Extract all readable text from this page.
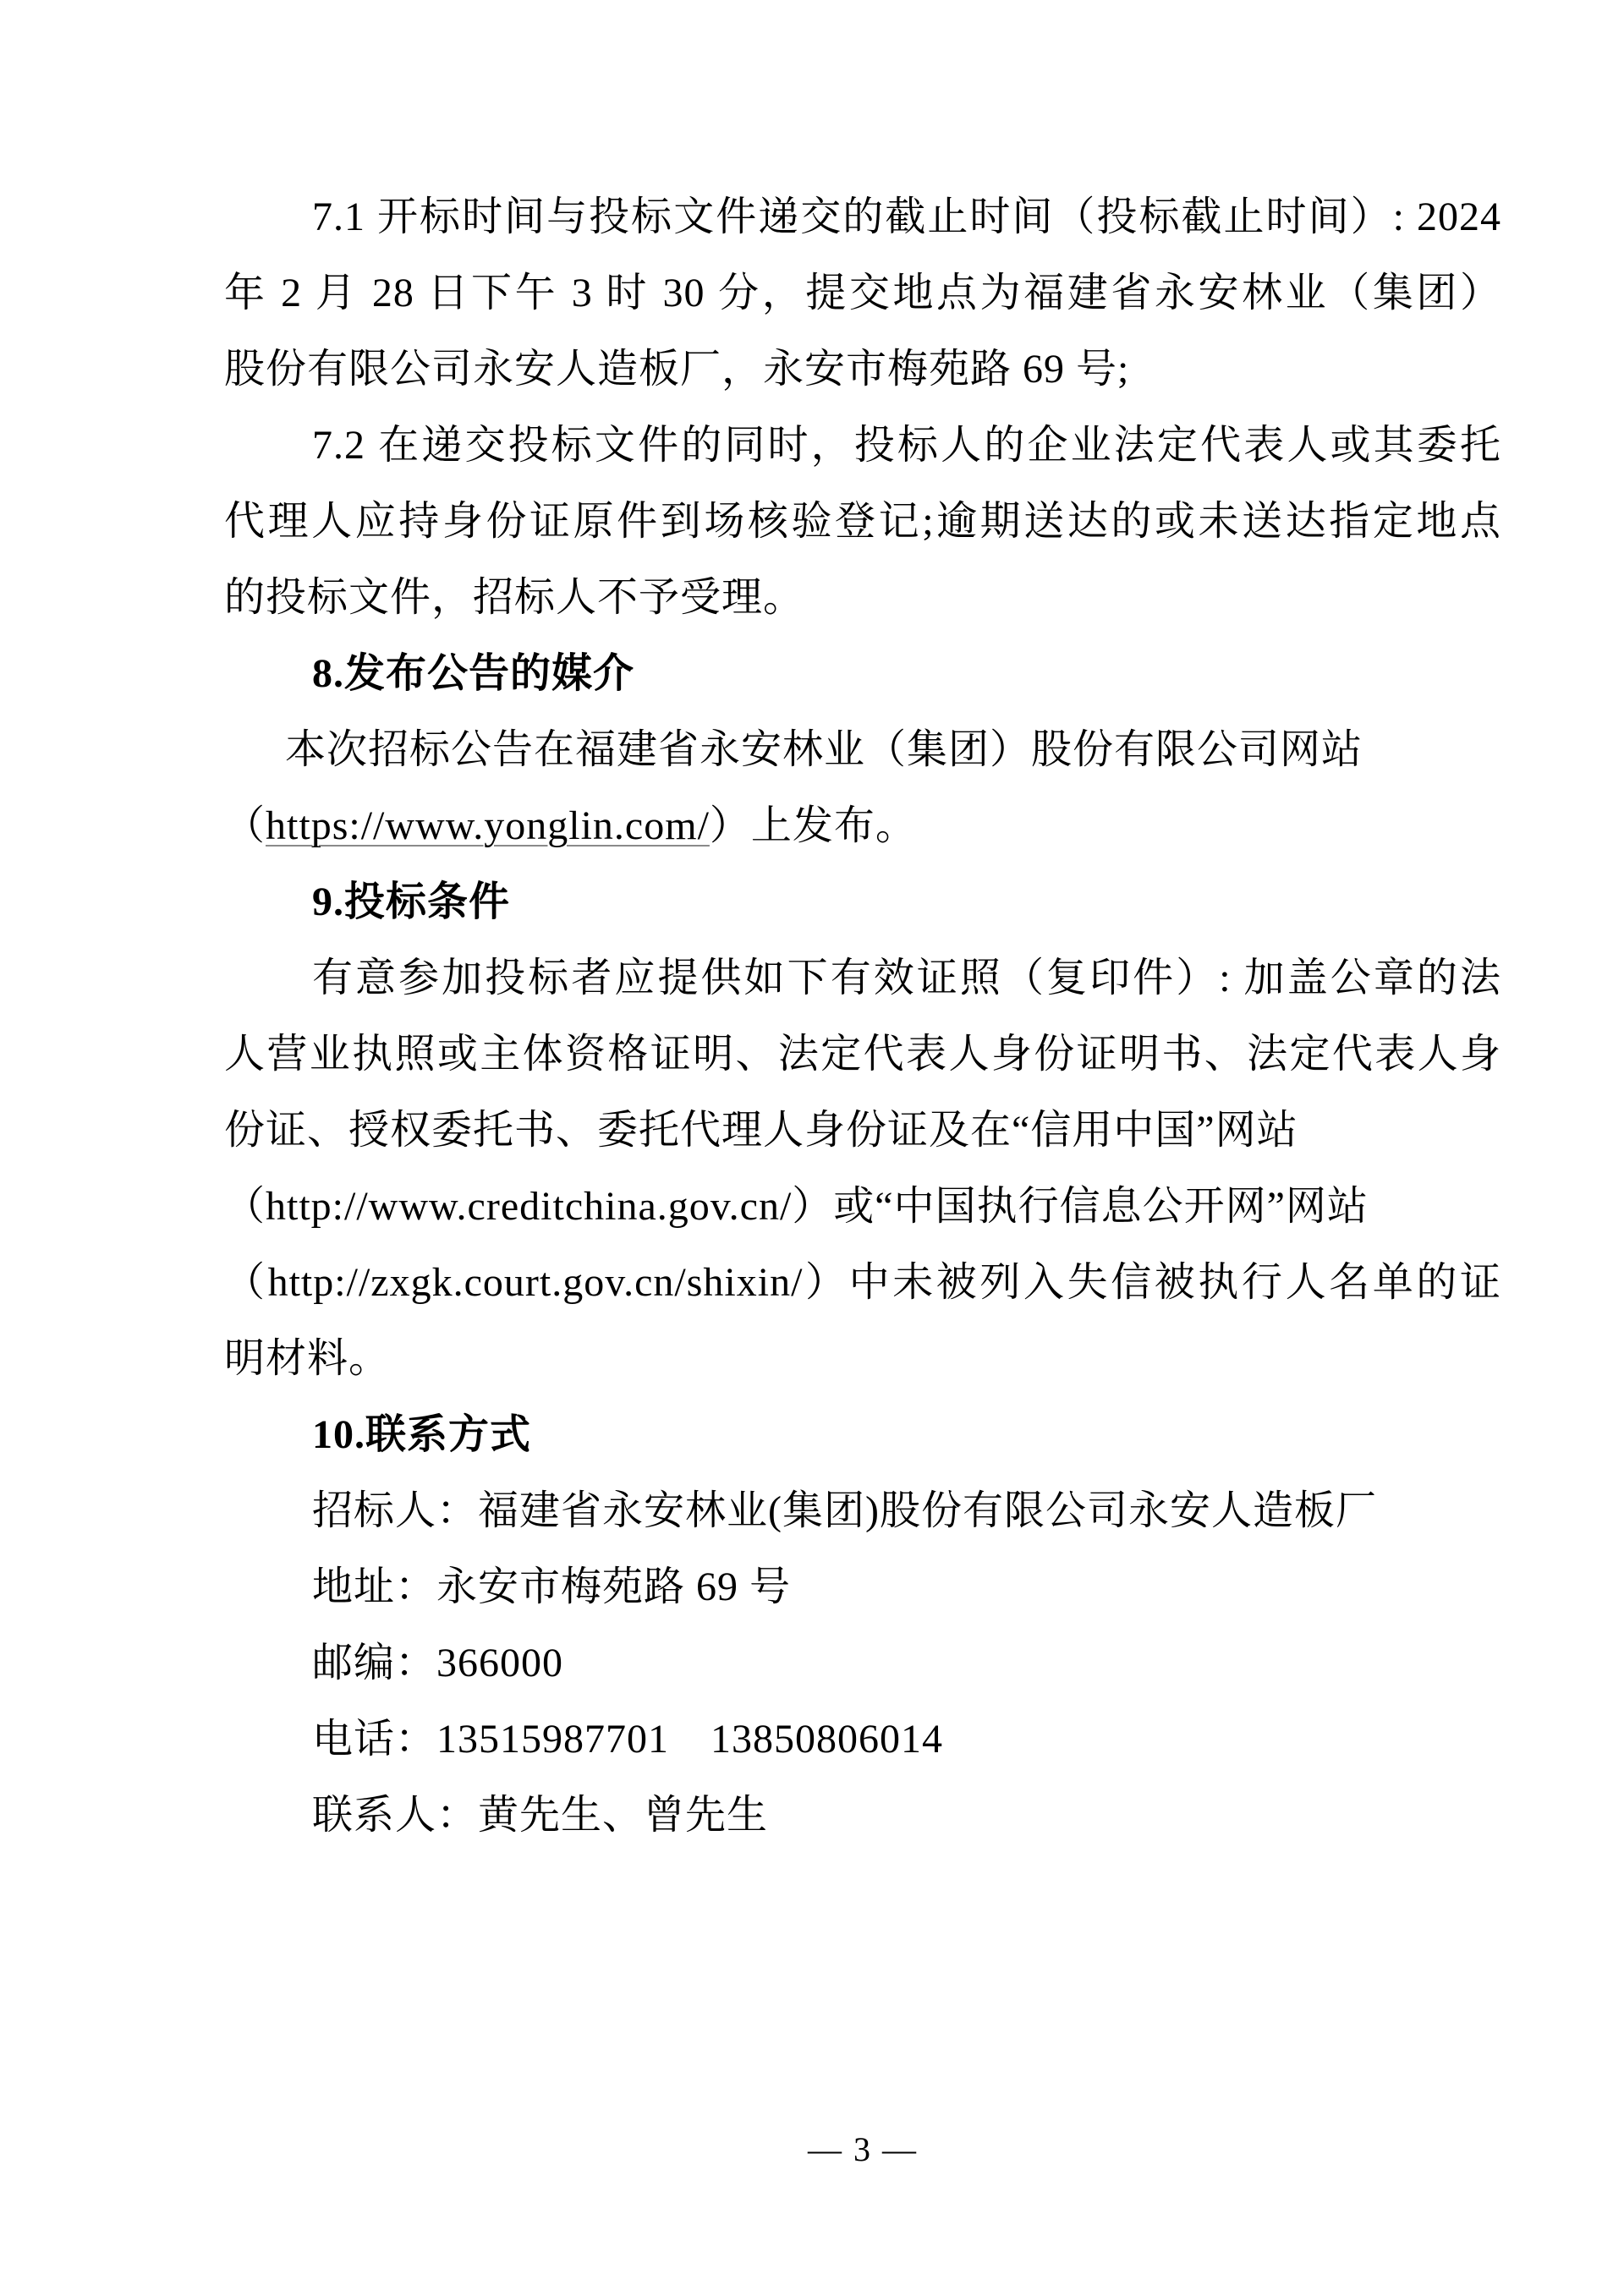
7.1 开标时间与投标文件递交的截止时间（投标截止时间）: 2024
年 2 月 28 日下午 3 时 30 分，提交地点为福建省永安林业（集团）
股份有限公司永安人造板厂，永安市梅苑路 69 号;
7.2 在递交投标文件的同时，投标人的企业法定代表人或其委托
代理人应持身份证原件到场核验登记;逾期送达的或未送达指定地点
的投标文件，招标人不予受理。
8.发布公告的媒介
本次招标公告在福建省永安林业（集团）股份有限公司网站
（https://www.yonglin.com/）上发布。
9.投标条件
有意参加投标者应提供如下有效证照（复印件）: 加盖公章的法
人营业执照或主体资格证明、法定代表人身份证明书、法定代表人身
份证、授权委托书、委托代理人身份证及在“信用中国”网站
（http://www.creditchina.gov.cn/）或“中国执行信息公开网”网站
（http://zxgk.court.gov.cn/shixin/）中未被列入失信被执行人名单的证
明材料。
10.联系方式
招标人：福建省永安林业(集团)股份有限公司永安人造板厂
地址：永安市梅苑路 69 号
邮编：366000
电话：13515987701　13850806014
联系人：黄先生、曾先生
— 3 —
